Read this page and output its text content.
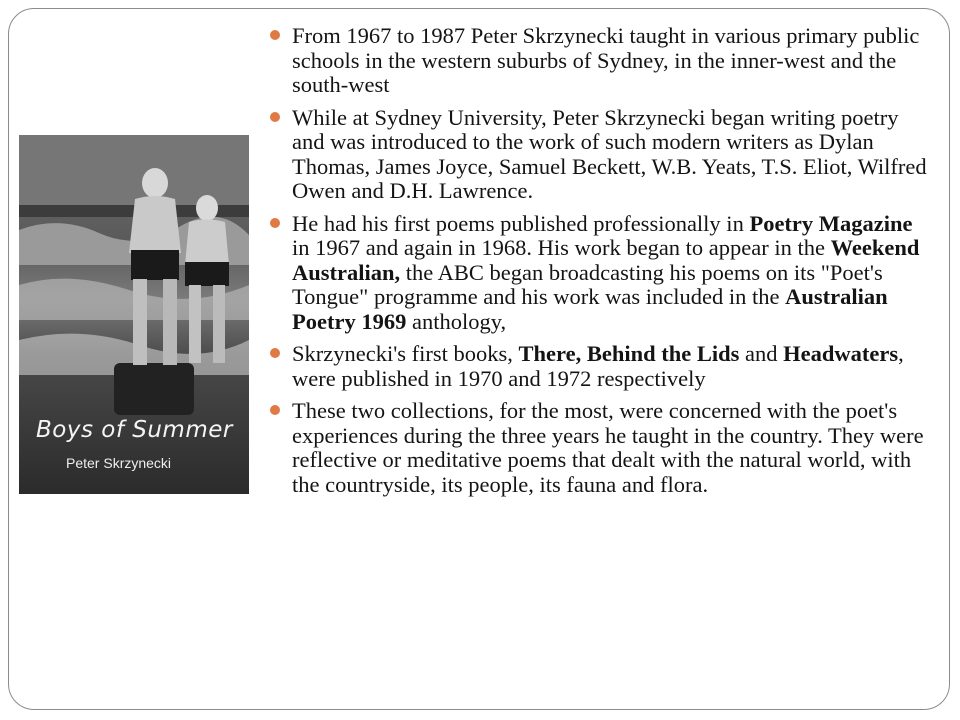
Boys of Summer
Peter Skrzynecki
From 1967 to 1987 Peter Skrzynecki taught in various primary public schools in the western suburbs of Sydney, in the inner-west and the south-west
While at Sydney University, Peter Skrzynecki began writing poetry and was introduced to the work of such modern writers as Dylan Thomas, James Joyce, Samuel Beckett, W.B. Yeats, T.S. Eliot, Wilfred Owen and D.H. Lawrence.
He had his first poems published professionally in Poetry Magazine in 1967 and again in 1968. His work began to appear in the Weekend Australian, the ABC began broadcasting his poems on its "Poet's Tongue" programme and his work was included in the Australian Poetry 1969 anthology,
Skrzynecki's first books, There, Behind the Lids and Headwaters, were published in 1970 and 1972 respectively
These two collections, for the most, were concerned with the poet's experiences during the three years he taught in the country. They were reflective or meditative poems that dealt with the natural world, with the countryside, its people, its fauna and flora.
